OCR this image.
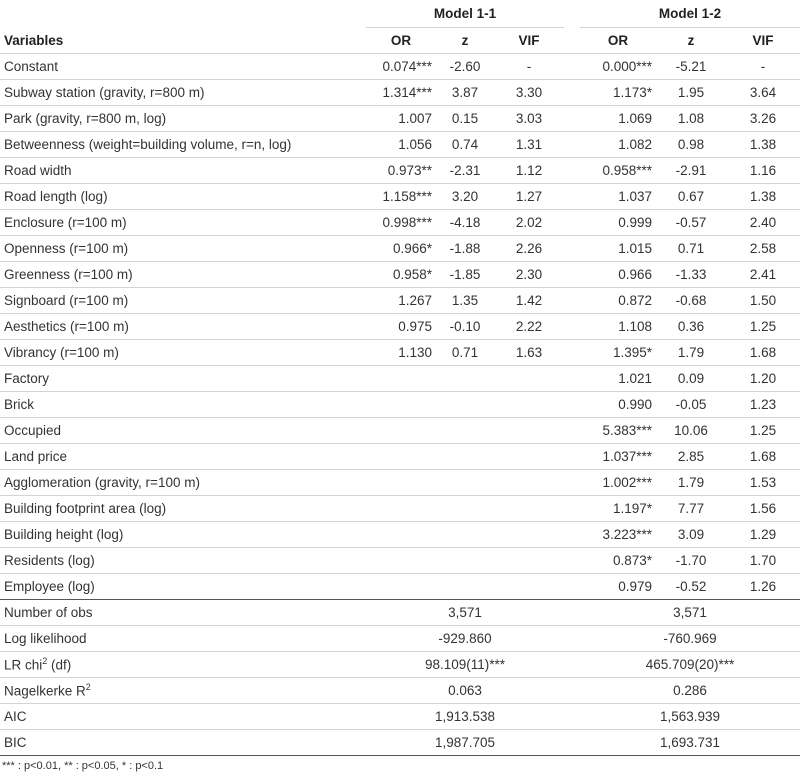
	Model 1-1				Model 1-2		
Variables	OR	z	VIF		OR	z	VIF
Constant	0.074***	-2.60	-		0.000***	-5.21	-
Subway station (gravity, r=800 m)	1.314***	3.87	3.30		1.173*	1.95	3.64
Park (gravity, r=800 m, log)	1.007	0.15	3.03		1.069	1.08	3.26
Betweenness (weight=building volume, r=n, log)	1.056	0.74	1.31		1.082	0.98	1.38
Road width	0.973**	-2.31	1.12		0.958***	-2.91	1.16
Road length (log)	1.158***	3.20	1.27		1.037	0.67	1.38
Enclosure (r=100 m)	0.998***	-4.18	2.02		0.999	-0.57	2.40
Openness (r=100 m)	0.966*	-1.88	2.26		1.015	0.71	2.58
Greenness (r=100 m)	0.958*	-1.85	2.30		0.966	-1.33	2.41
Signboard (r=100 m)	1.267	1.35	1.42		0.872	-0.68	1.50
Aesthetics (r=100 m)	0.975	-0.10	2.22		1.108	0.36	1.25
Vibrancy (r=100 m)	1.130	0.71	1.63		1.395*	1.79	1.68
Factory					1.021	0.09	1.20
Brick					0.990	-0.05	1.23
Occupied					5.383***	10.06	1.25
Land price					1.037***	2.85	1.68
Agglomeration (gravity, r=100 m)					1.002***	1.79	1.53
Building footprint area (log)					1.197*	7.77	1.56
Building height (log)					3.223***	3.09	1.29
Residents (log)					0.873*	-1.70	1.70
Employee (log)					0.979	-0.52	1.26
Number of obs	3,571				3,571		
Log likelihood	-929.860				-760.969		
LR chi$^2$ (df)	98.109(11)***				465.709(20)***		
Nagelkerke $R^2$	0.063				0.286		
AIC	1,913.538				1,563.939		
BIC	1,987.705				1,693.731		
*** : p<0.01, ** : p<0.05, * : p<0.1
